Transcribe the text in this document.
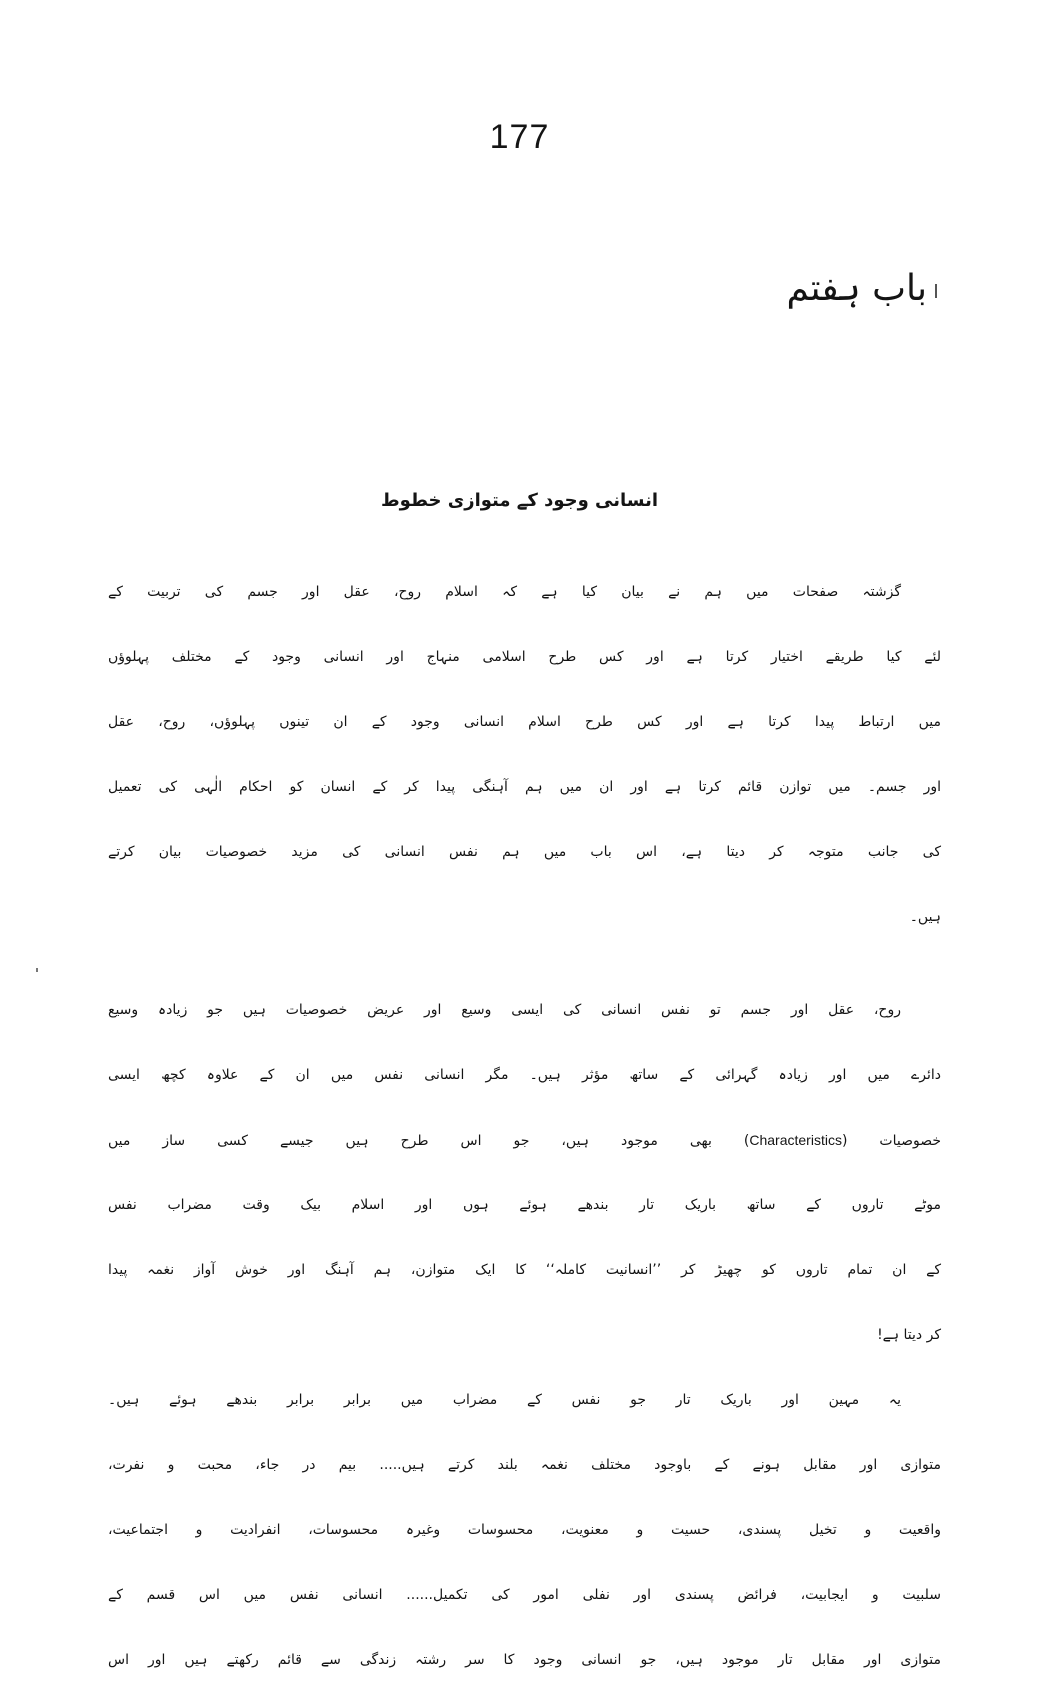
177
باب ہفتم
انسانی وجود کے متوازی خطوط
گزشتہ صفحات میں ہم نے بیان کیا ہے کہ اسلام روح، عقل اور جسم کی تربیت کے
لئے کیا طریقے اختیار کرتا ہے اور کس طرح اسلامی منہاج اور انسانی وجود کے مختلف پہلوؤں
میں ارتباط پیدا کرتا ہے اور کس طرح اسلام انسانی وجود کے ان تینوں پہلوؤں، روح، عقل
اور جسم۔ میں توازن قائم کرتا ہے اور ان میں ہم آہنگی پیدا کر کے انسان کو احکام الٰہی کی تعمیل
کی جانب متوجہ کر دیتا ہے، اس باب میں ہم نفس انسانی کی مزید خصوصیات بیان کرتے
ہیں۔
روح، عقل اور جسم تو نفس انسانی کی ایسی وسیع اور عریض خصوصیات ہیں جو زیادہ وسیع
دائرے میں اور زیادہ گہرائی کے ساتھ مؤثر ہیں۔ مگر انسانی نفس میں ان کے علاوہ کچھ ایسی
خصوصیات (Characteristics) بھی موجود ہیں، جو اس طرح ہیں جیسے کسی ساز میں
موٹے تاروں کے ساتھ باریک تار بندھے ہوئے ہوں اور اسلام بیک وقت مضراب نفس
کے ان تمام تاروں کو چھیڑ کر ’’انسانیت کاملہ‘‘ کا ایک متوازن، ہم آہنگ اور خوش آواز نغمہ پیدا
کر دیتا ہے!
یہ مہین اور باریک تار جو نفس کے مضراب میں برابر برابر بندھے ہوئے ہیں۔
متوازی اور مقابل ہونے کے باوجود مختلف نغمہ بلند کرتے ہیں..... بیم در جاء، محبت و نفرت،
واقعیت و تخیل پسندی، حسیت و معنویت، محسوسات وغیرہ محسوسات، انفرادیت و اجتماعیت،
سلبیت و ایجابیت، فرائض پسندی اور نفلی امور کی تکمیل...... انسانی نفس میں اس قسم کے
متوازی اور مقابل تار موجود ہیں، جو انسانی وجود کا سر رشتہ زندگی سے قائم رکھتے ہیں اور اس
